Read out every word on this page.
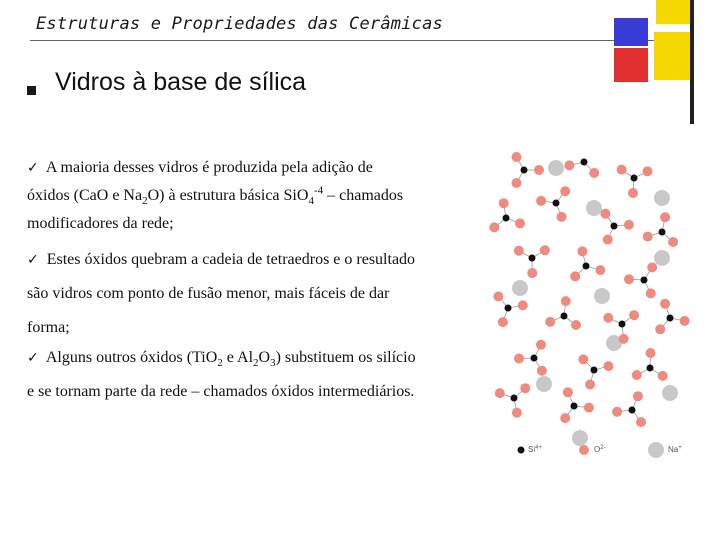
Estruturas e Propriedades das Cerâmicas
Vidros à base de sílica
✓ A maioria desses vidros é produzida pela adição de
óxidos (CaO e $Na_2O$) à estrutura básica SiO$_4^{-4}$ – chamados
modificadores da rede;
✓ Estes óxidos quebram a cadeia de tetraedros e o resultado
são vidros com ponto de fusão menor, mais fáceis de dar
forma;
✓ Alguns outros óxidos (TiO$_2$ e $Al_2O_3$) substituem os silício
e se tornam parte da rede – chamados óxidos intermediários.
$Si^{4+}$	$O^{2-}$	Na+
